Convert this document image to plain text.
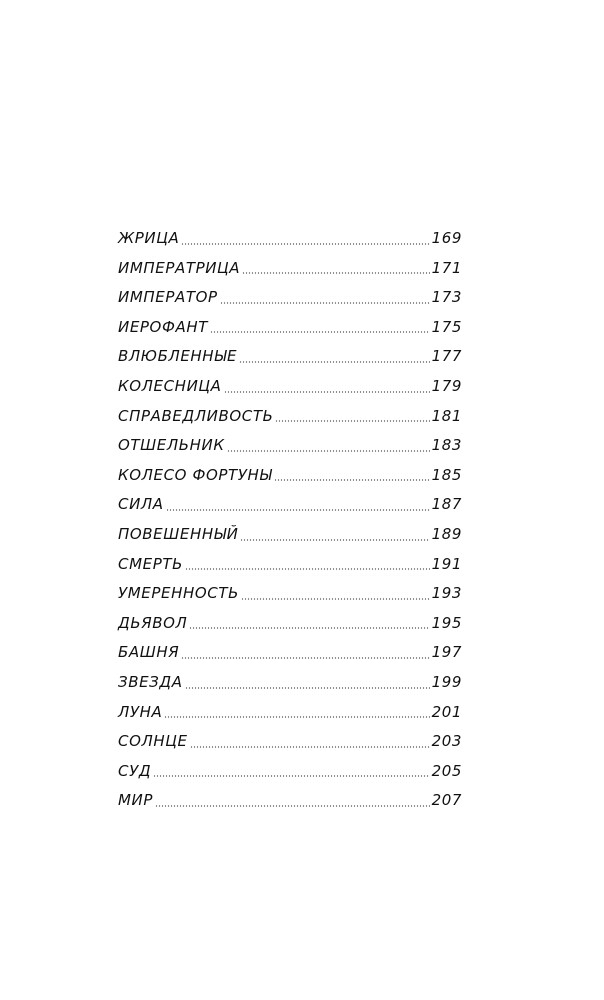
ЖРИЦА	169
ИМПЕРАТРИЦА	171
ИМПЕРАТОР	173
ИЕРОФАНТ	175
ВЛЮБЛЕННЫЕ	177
КОЛЕСНИЦА	179
СПРАВЕДЛИВОСТЬ	181
ОТШЕЛЬНИК	183
КОЛЕСО ФОРТУНЫ	185
СИЛА	187
ПОВЕШЕННЫЙ	189
СМЕРТЬ	191
УМЕРЕННОСТЬ	193
ДЬЯВОЛ	195
БАШНЯ	197
ЗВЕЗДА	199
ЛУНА	201
СОЛНЦЕ	203
СУД	205
МИР	207
